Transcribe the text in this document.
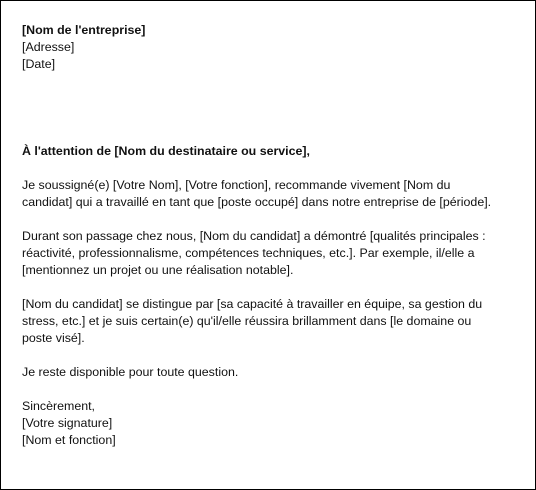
[Nom de l'entreprise]
[Adresse]
[Date]
À l'attention de [Nom du destinataire ou service],
Je soussigné(e) [Votre Nom], [Votre fonction], recommande vivement [Nom du
candidat] qui a travaillé en tant que [poste occupé] dans notre entreprise de [période].
Durant son passage chez nous, [Nom du candidat] a démontré [qualités principales :
réactivité, professionnalisme, compétences techniques, etc.]. Par exemple, il/elle a
[mentionnez un projet ou une réalisation notable].
[Nom du candidat] se distingue par [sa capacité à travailler en équipe, sa gestion du
stress, etc.] et je suis certain(e) qu'il/elle réussira brillamment dans [le domaine ou
poste visé].
Je reste disponible pour toute question.
Sincèrement,
[Votre signature]
[Nom et fonction]
